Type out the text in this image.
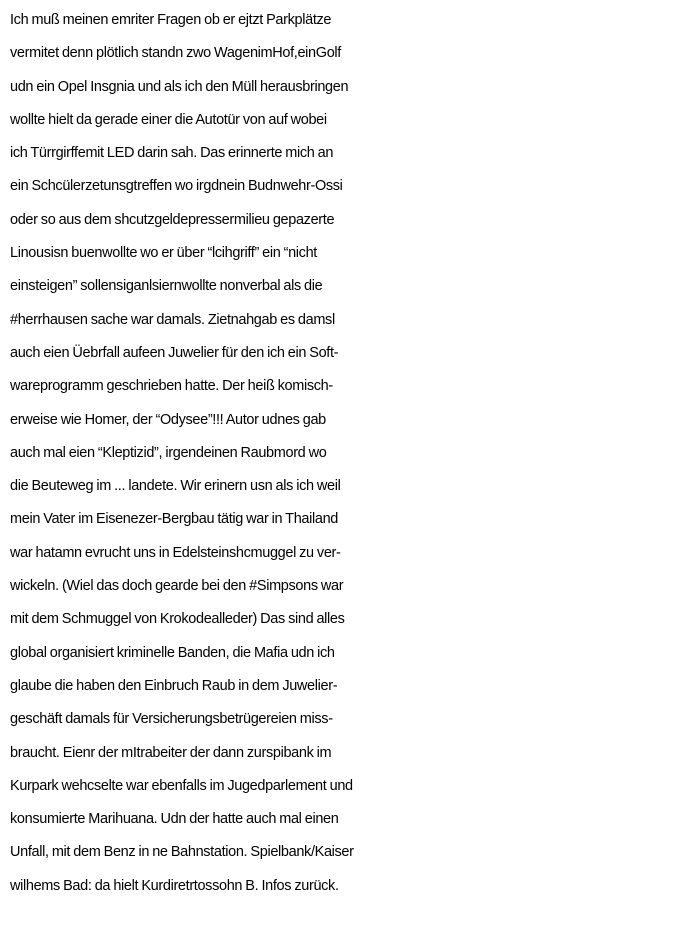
Ich muß meinen emriter Fragen ob er ejtzt Parkplätze
vermitet denn plötlich standn zwo WagenimHof,einGolf
udn ein Opel Insgnia und als ich den Müll herausbringen
wollte hielt da gerade einer die Autotür von auf wobei
ich Türrgirffemit LED darin sah. Das erinnerte mich an
ein Schcülerzetunsgtreffen wo irgdnein Budnwehr-Ossi
oder so aus dem shcutzgeldepressermilieu gepazerte
Linousisn buenwollte wo er über “lcihgriff” ein “nicht
einsteigen” sollensiganlsiernwollte nonverbal als die
#herrhausen sache war damals. Zietnahgab es damsl
auch eien Üebrfall aufeen Juwelier für den ich ein Soft-
wareprogramm geschrieben hatte. Der heiß komisch-
erweise wie Homer, der “Odysee”!!! Autor udnes gab
auch mal eien “Kleptizid”, irgendeinen Raubmord wo
die Beuteweg im ... landete. Wir erinern usn als ich weil
mein Vater im Eisenezer-Bergbau tätig war in Thailand
war hatamn evrucht uns in Edelsteinshcmuggel zu ver-
wickeln. (Wiel das doch gearde bei den #Simpsons war
mit dem Schmuggel von Krokodealleder) Das sind alles
global organisiert kriminelle Banden, die Mafia udn ich
glaube die haben den Einbruch Raub in dem Juwelier-
geschäft damals für Versicherungsbetrügereien miss-
braucht. Eienr der mItrabeiter der dann zurspibank im
Kurpark wehcselte war ebenfalls im Jugedparlement und
konsumierte Marihuana. Udn der hatte auch mal einen
Unfall, mit dem Benz in ne Bahnstation. Spielbank/Kaiser
wilhems Bad: da hielt Kurdiretrtossohn B. Infos zurück.
